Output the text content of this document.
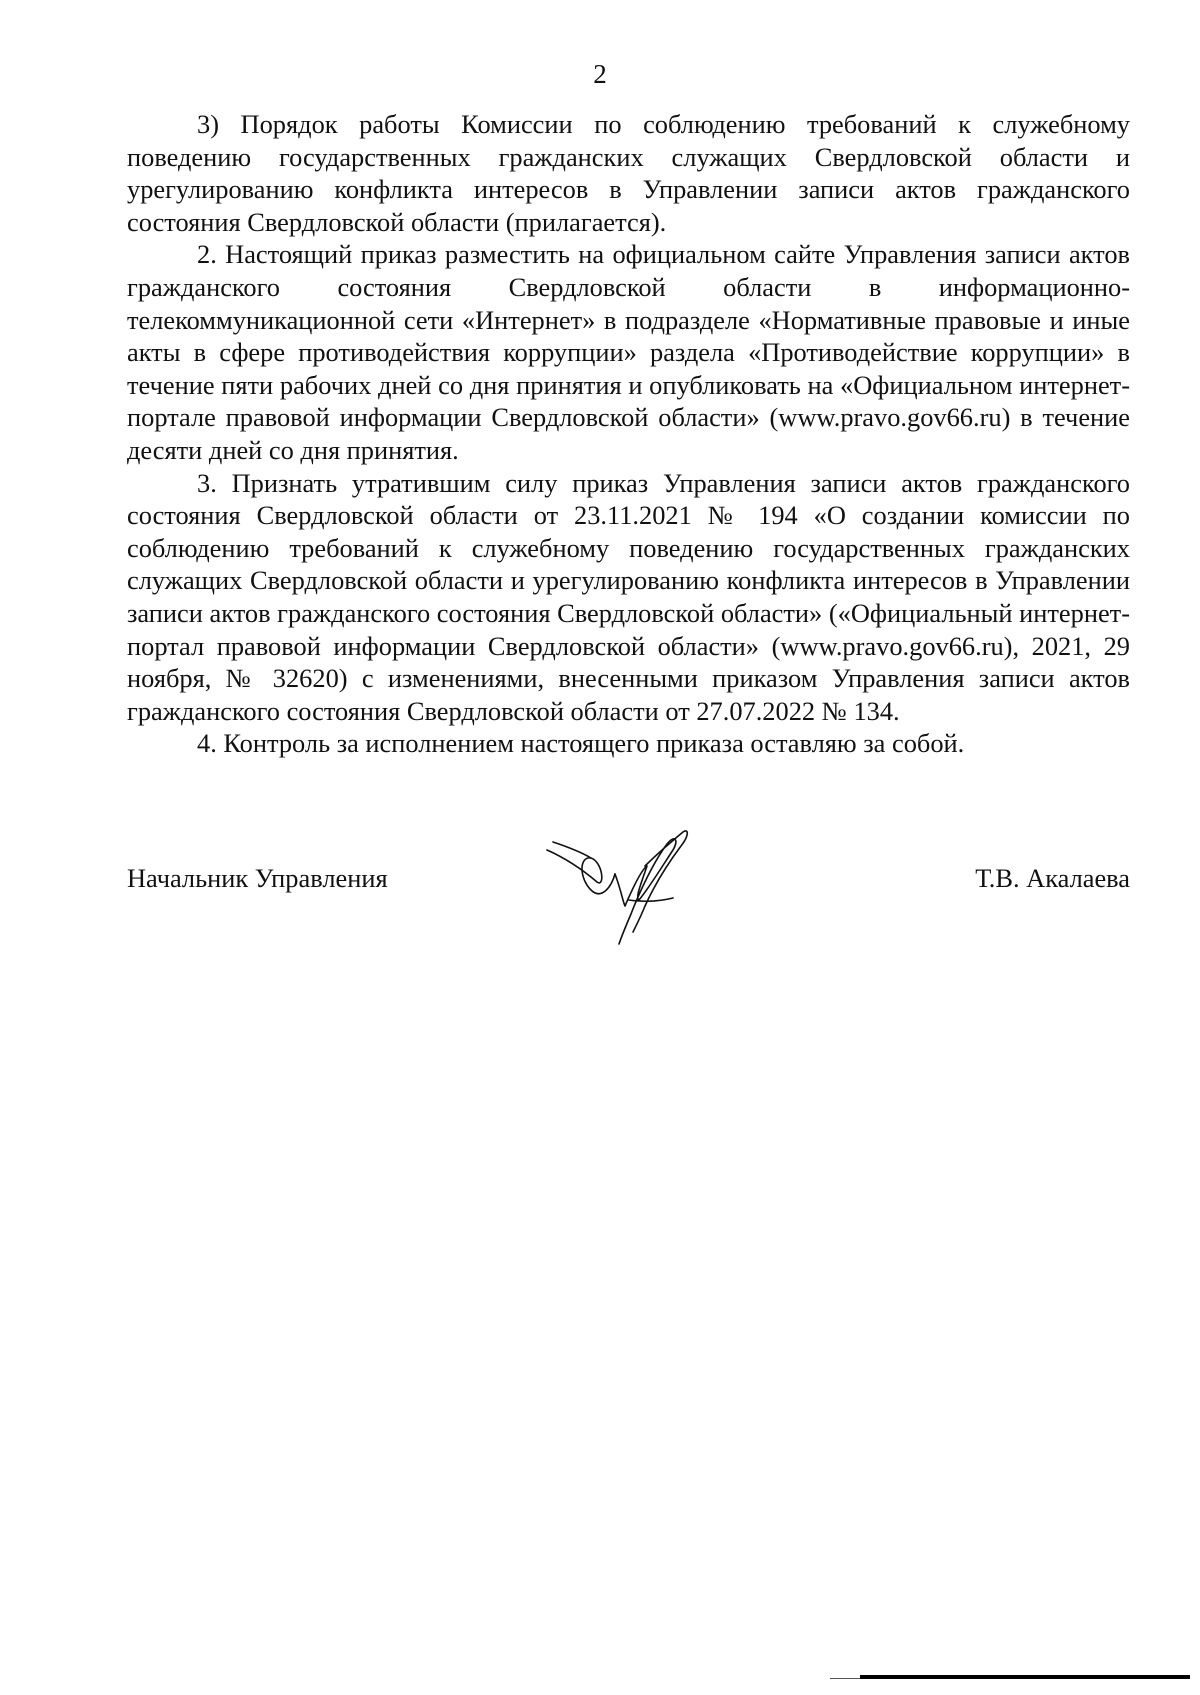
2

3) Порядок работы Комиссии по соблюдению требований к служебному поведению государственных гражданских служащих Свердловской области и урегулированию конфликта интересов в Управлении записи актов гражданского состояния Свердловской области (прилагается).

2. Настоящий приказ разместить на официальном сайте Управления записи актов гражданского состояния Свердловской области в информационно-телекоммуникационной сети «Интернет» в подразделе «Нормативные правовые и иные акты в сфере противодействия коррупции» раздела «Противодействие коррупции» в течение пяти рабочих дней со дня принятия и опубликовать на «Официальном интернет-портале правовой информации Свердловской области» (www.pravo.gov66.ru) в течение десяти дней со дня принятия.

3. Признать утратившим силу приказ Управления записи актов гражданского состояния Свердловской области от 23.11.2021 № 194 «О создании комиссии по соблюдению требований к служебному поведению государственных гражданских служащих Свердловской области и урегулированию конфликта интересов в Управлении записи актов гражданского состояния Свердловской области» («Официальный интернет-портал правовой информации Свердловской области» (www.pravo.gov66.ru), 2021, 29 ноября, № 32620) с изменениями, внесенными приказом Управления записи актов гражданского состояния Свердловской области от 27.07.2022 № 134.

4. Контроль за исполнением настоящего приказа оставляю за собой.

Начальник Управления	Т.В. Акалаева
